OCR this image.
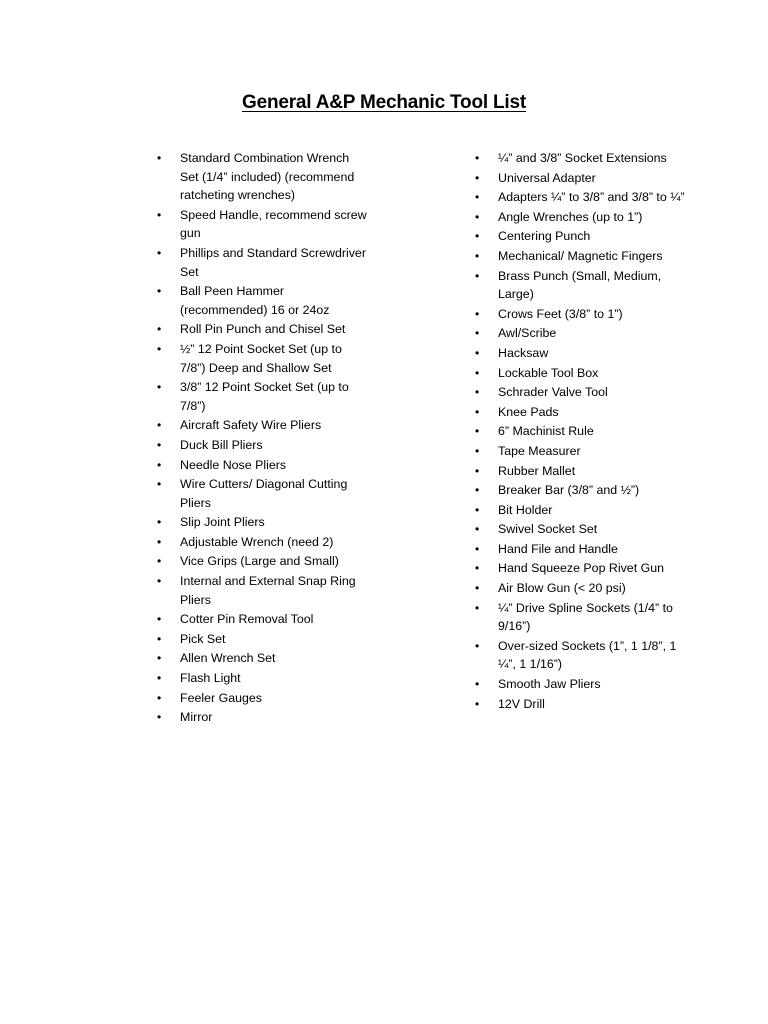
General A&P Mechanic Tool List
• Standard Combination Wrench Set (1/4” included) (recommend ratcheting wrenches)
• Speed Handle, recommend screw gun
• Phillips and Standard Screwdriver Set
• Ball Peen Hammer (recommended) 16 or 24oz
• Roll Pin Punch and Chisel Set
• ½” 12 Point Socket Set (up to 7/8”) Deep and Shallow Set
• 3/8” 12 Point Socket Set (up to 7/8”)
• Aircraft Safety Wire Pliers
• Duck Bill Pliers
• Needle Nose Pliers
• Wire Cutters/ Diagonal Cutting Pliers
• Slip Joint Pliers
• Adjustable Wrench (need 2)
• Vice Grips (Large and Small)
• Internal and External Snap Ring Pliers
• Cotter Pin Removal Tool
• Pick Set
• Allen Wrench Set
• Flash Light
• Feeler Gauges
• Mirror
• ¼” and 3/8” Socket Extensions
• Universal Adapter
• Adapters ¼” to 3/8” and 3/8” to ¼”
• Angle Wrenches (up to 1”)
• Centering Punch
• Mechanical/ Magnetic Fingers
• Brass Punch (Small, Medium, Large)
• Crows Feet (3/8” to 1”)
• Awl/Scribe
• Hacksaw
• Lockable Tool Box
• Schrader Valve Tool
• Knee Pads
• 6” Machinist Rule
• Tape Measurer
• Rubber Mallet
• Breaker Bar (3/8” and ½”)
• Bit Holder
• Swivel Socket Set
• Hand File and Handle
• Hand Squeeze Pop Rivet Gun
• Air Blow Gun (< 20 psi)
• ¼” Drive Spline Sockets (1/4” to 9/16”)
• Over-sized Sockets (1”, 1 1/8”, 1 ¼”, 1 1/16”)
• Smooth Jaw Pliers
• 12V Drill
